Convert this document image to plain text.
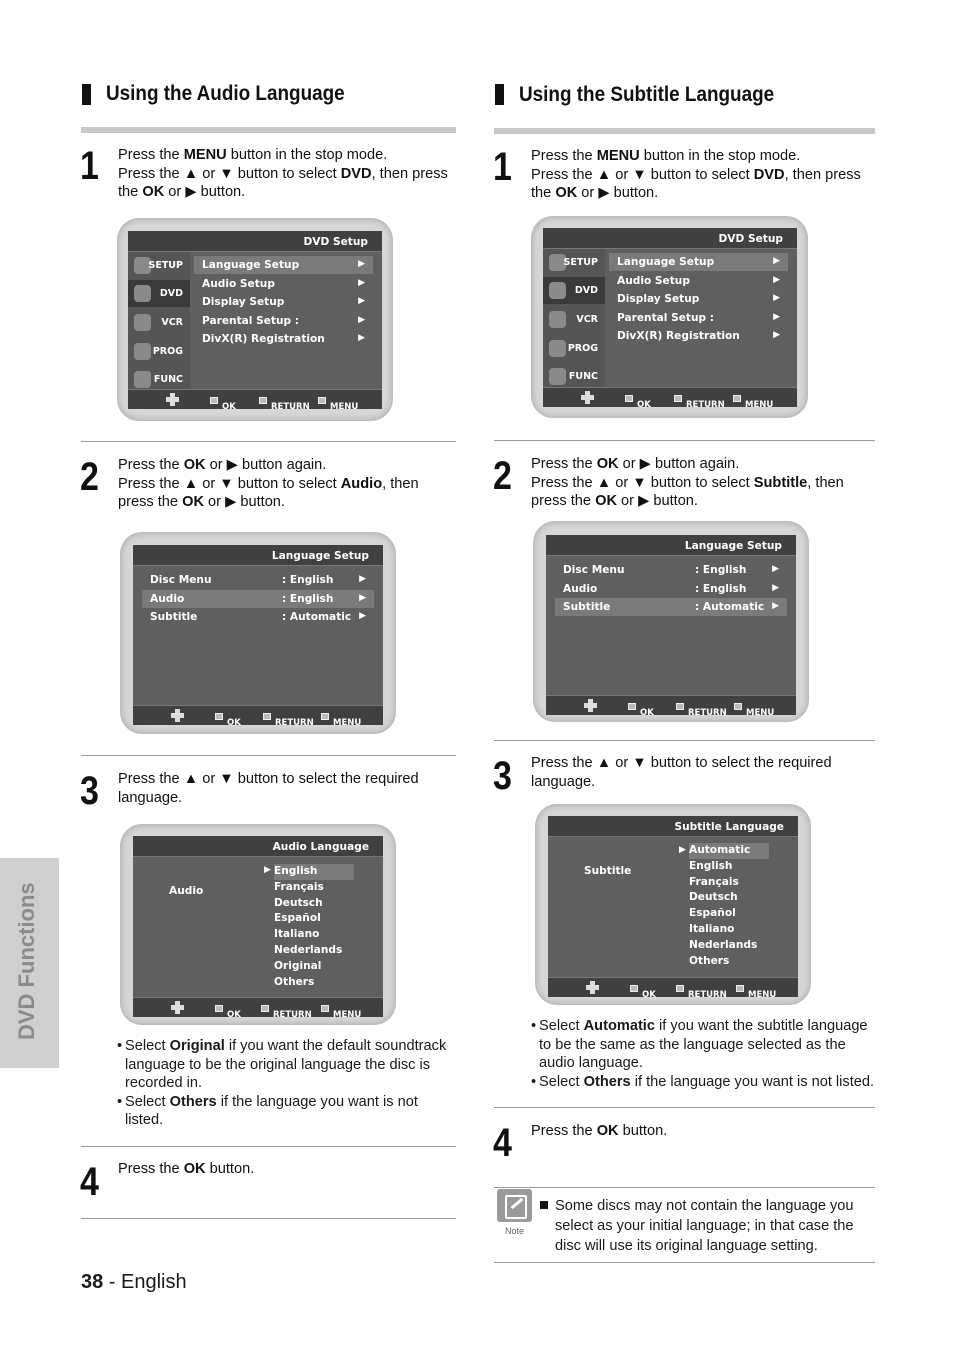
Using the Audio Language
1 Press the MENU button in the stop mode.
Press the ▲ or ▼ button to select DVD, then press
the OK or ▶ button.
DVD Setup
SETUP
DVD
VCR
PROG
FUNC
Language Setup	▶
Audio Setup	▶
Display Setup	▶
Parental Setup :	▶
DivX(R) Registration	▶
OK	RETURN MENU
2 Press the OK or ▶ button again.
Press the ▲ or ▼ button to select Audio, then
press the OK or ▶ button.
Language Setup
Disc Menu	: English	▶
Audio	: English	▶
Subtitle	: Automatic ▶
OK	RETURN MENU
3 Press the ▲ or ▼ button to select the required
language.
Audio Language
Audio
▶ English
Français
Deutsch
Español
Italiano
Nederlands
Original
Others
OK	RETURN	MENU
• Select Original if you want the default soundtrack
language to be the original language the disc is
recorded in.
• Select Others if the language you want is not
listed.
4 Press the OK button.
Using the Subtitle Language
1 Press the MENU button in the stop mode.
Press the ▲ or ▼ button to select DVD, then press
the OK or ▶ button.
DVD Setup
SETUP
DVD
VCR
PROG
FUNC
Language Setup	▶
Audio Setup	▶
Display Setup	▶
Parental Setup :	▶
DivX(R) Registration	▶
OK	RETURN MENU
2 Press the OK or ▶ button again.
Press the ▲ or ▼ button to select Subtitle, then
press the OK or ▶ button.
Language Setup
Disc Menu	: English	▶
Audio	: English	▶
Subtitle	: Automatic ▶
OK	RETURN MENU
3 Press the ▲ or ▼ button to select the required
language.
Subtitle Language
Subtitle
▶ Automatic
English
Français
Deutsch
Español
Italiano
Nederlands
Others
OK	RETURN	MENU
• Select Automatic if you want the subtitle language
to be the same as the language selected as the
audio language.
• Select Others if the language you want is not listed.
4 Press the OK button.
Note
Some discs may not contain the language you select as your initial language; in that case the disc will use its original language setting.
DVD Functions
38 - English
